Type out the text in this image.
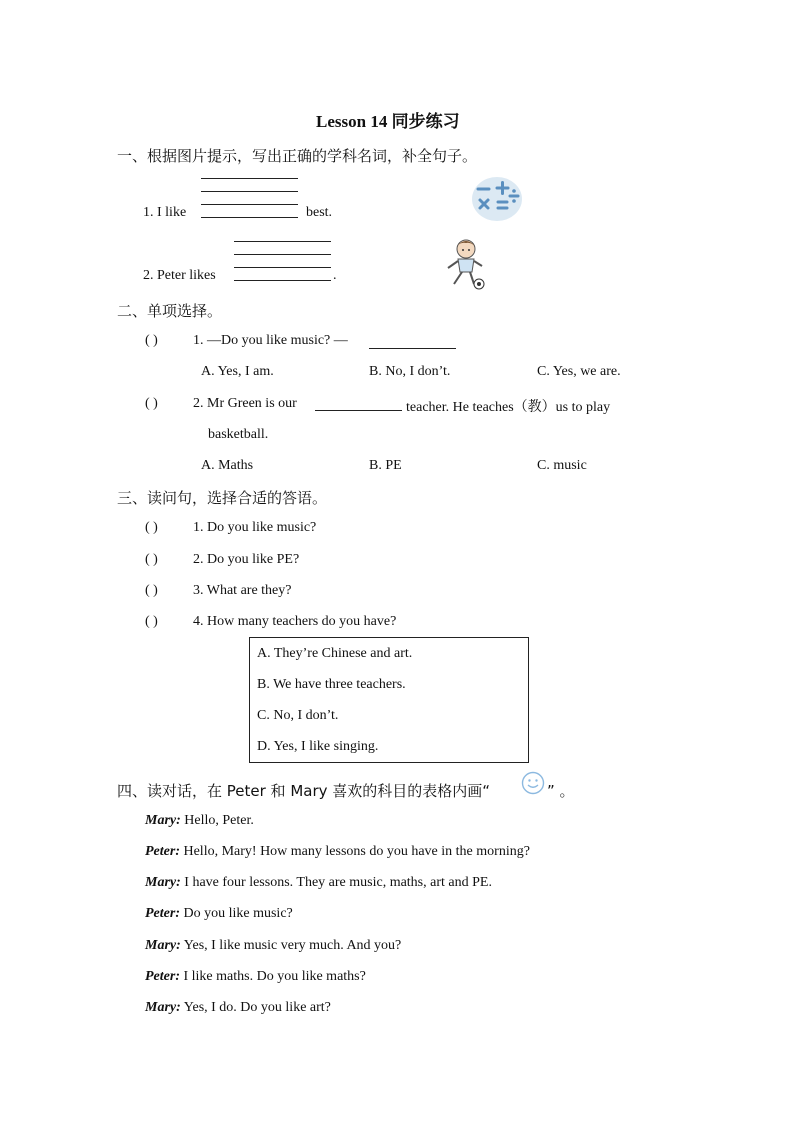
Lesson 14 同步练习
一、根据图片提示，写出正确的学科名词，补全句子。
1. I like	best.
2. Peter likes	.
二、单项选择。
( )	1. —Do you like music? —
A. Yes, I am.	B. No, I don’t.	C. Yes, we are.
( )	2. Mr Green is our	teacher. He teaches（教）us to play
basketball.
A. Maths	B. PE	C. music
三、读问句，选择合适的答语。
( )	1. Do you like music?
( )	2. Do you like PE?
( )	3. What are they?
( )	4. How many teachers do you have?
A. They’re Chinese and art.
B. We have three teachers.
C. No, I don’t.
D. Yes, I like singing.
四、读对话，在 Peter 和 Mary 喜欢的科目的表格内画“	” 。
Mary: Hello, Peter.
Peter: Hello, Mary! How many lessons do you have in the morning?
Mary: I have four lessons. They are music, maths, art and PE.
Peter: Do you like music?
Mary: Yes, I like music very much. And you?
Peter: I like maths. Do you like maths?
Mary: Yes, I do. Do you like art?
